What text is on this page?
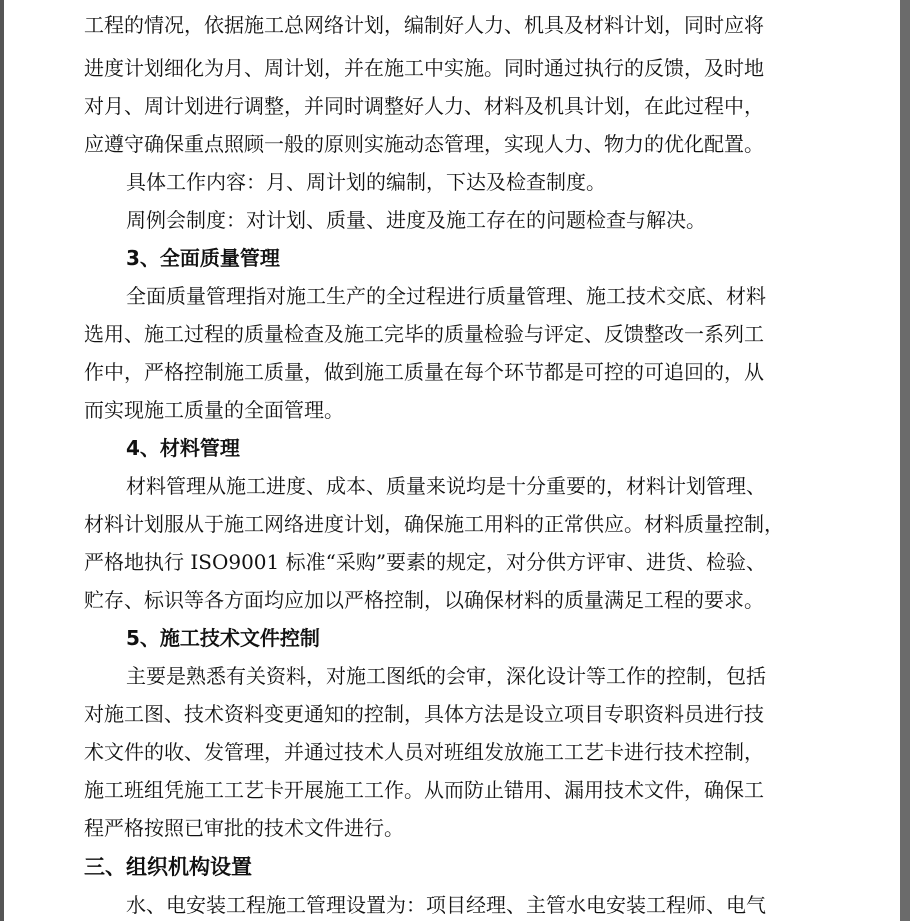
工程的情况，依据施工总网络计划，编制好人力、机具及材料计划，同时应将
进度计划细化为月、周计划，并在施工中实施。同时通过执行的反馈，及时地
对月、周计划进行调整，并同时调整好人力、材料及机具计划，在此过程中，
应遵守确保重点照顾一般的原则实施动态管理，实现人力、物力的优化配置。
具体工作内容：月、周计划的编制，下达及检查制度。
周例会制度：对计划、质量、进度及施工存在的问题检查与解决。
3、全面质量管理
全面质量管理指对施工生产的全过程进行质量管理、施工技术交底、材料
选用、施工过程的质量检查及施工完毕的质量检验与评定、反馈整改一系列工
作中，严格控制施工质量，做到施工质量在每个环节都是可控的可追回的，从
而实现施工质量的全面管理。
4、材料管理
材料管理从施工进度、成本、质量来说均是十分重要的，材料计划管理、
材料计划服从于施工网络进度计划，确保施工用料的正常供应。材料质量控制，
严格地执行 ISO9001 标准“采购”要素的规定，对分供方评审、进货、检验、
贮存、标识等各方面均应加以严格控制，以确保材料的质量满足工程的要求。
5、施工技术文件控制
主要是熟悉有关资料，对施工图纸的会审，深化设计等工作的控制，包括
对施工图、技术资料变更通知的控制，具体方法是设立项目专职资料员进行技
术文件的收、发管理，并通过技术人员对班组发放施工工艺卡进行技术控制，
施工班组凭施工工艺卡开展施工工作。从而防止错用、漏用技术文件，确保工
程严格按照已审批的技术文件进行。
三、组织机构设置
水、电安装工程施工管理设置为：项目经理、主管水电安装工程师、电气
